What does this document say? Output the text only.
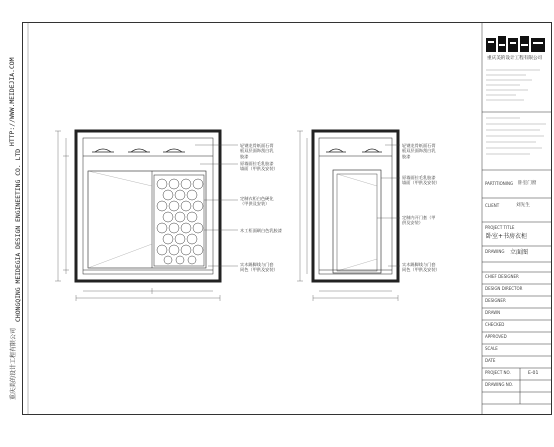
重庆美的设计工程有限公司
CHONGQING MEIDEGIA DESIGN ENGINEETING CO. LTD
HTTP://WWW.MEIDEJIA.COM	重庆美的设计工程有限公司
轻钢龙骨纸面石膏板双层面饰刮白乳胶漆
原墙面拉毛乳胶漆墙面（甲供及安装）
定制衣柜白色硬化（甲供及安装）
木工柜面刷白色乳胶漆
实木踢脚线与门套同色（甲供及安装）
轻钢龙骨纸面石膏板双层面饰刮白乳胶漆
原墙面拉毛乳胶漆墙面（甲供及安装）
定制内开门套（甲供及安装）
实木踢脚线与门套同色（甲供及安装）
PARTITIONING 卧室门窗
CLIENT	刘先生
PROJECT TITLE
卧室+书房衣柜
DRAWING 立面图
CHIEF DESIGNER
DESIGN DIRECTOR
DESIGNER
DRAWN
CHECKED
APPROVED
SCALE
DATE
PROJECT NO.
DRAWING NO.
E-01
